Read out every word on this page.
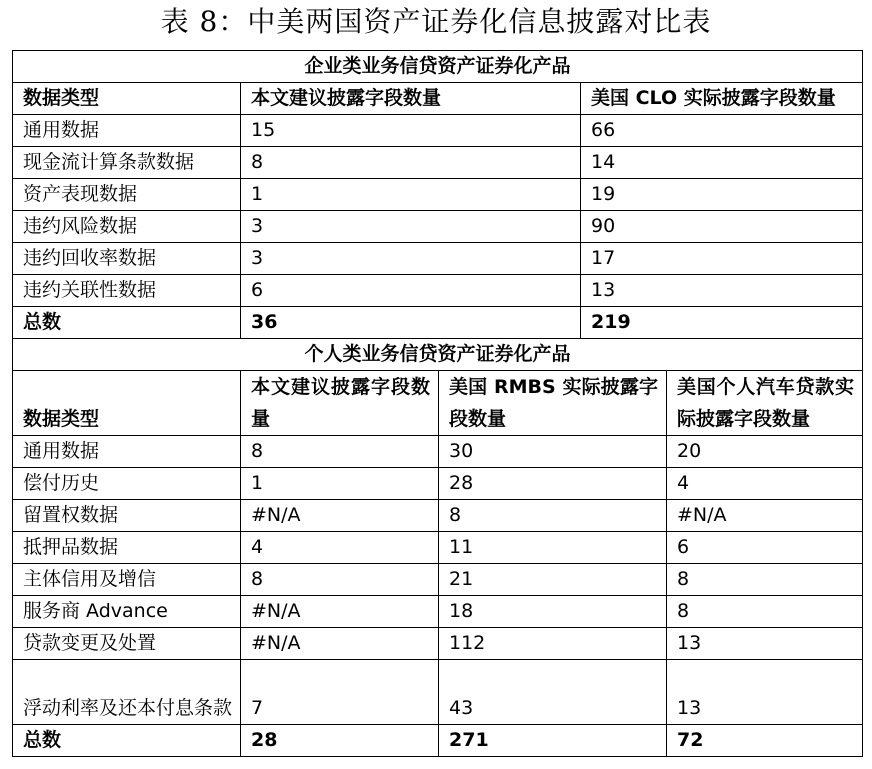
表 8：中美两国资产证券化信息披露对比表
企业类业务信贷资产证券化产品				
数据类型	本文建议披露字段数量		美国 CLO 实际披露字段数量	
通用数据	15		66	
现金流计算条款数据	8		14	
资产表现数据	1		19	
违约风险数据	3		90	
违约回收率数据	3		17	
违约关联性数据	6		13	
总数	36		219	
个人类业务信贷资产证券化产品				
数据类型	本文建议披露字段数量	美国 RMBS 实际披露字段数量		美国个人汽车贷款实际披露字段数量
通用数据	8	30		20
偿付历史	1	28		4
留置权数据	#N/A	8		#N/A
抵押品数据	4	11		6
主体信用及增信	8	21		8
服务商 Advance	#N/A	18		8
贷款变更及处置	#N/A	112		13
浮动利率及还本付息条款	7	43		13
总数	28	271		72
